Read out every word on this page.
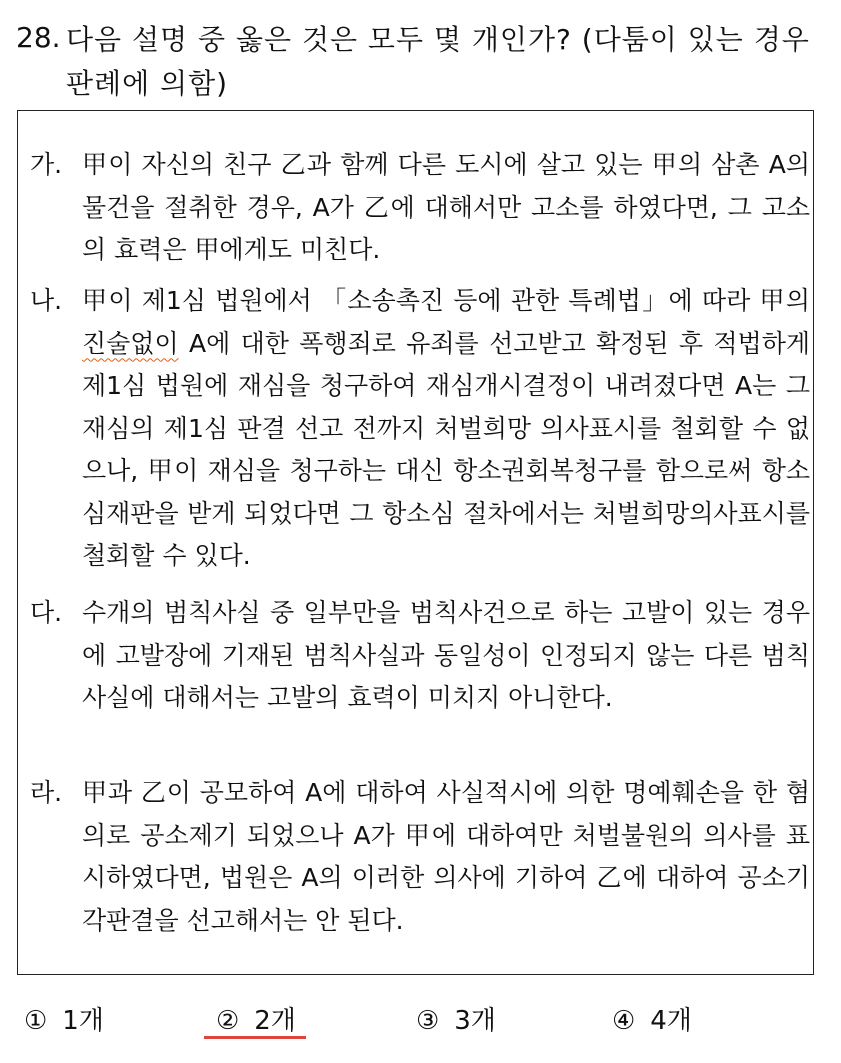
28. 다음 설명 중 옳은 것은 모두 몇 개인가? (다툼이 있는 경우 판례에 의함)
가. 甲이 자신의 친구 乙과 함께 다른 도시에 살고 있는 甲의 삼촌 A의 물건을 절취한 경우, A가 乙에 대해서만 고소를 하였다면, 그 고소의 효력은 甲에게도 미친다.
나. 甲이 제1심 법원에서 「소송촉진 등에 관한 특례법」에 따라 甲의 진술없이 A에 대한 폭행죄로 유죄를 선고받고 확정된 후 적법하게 제1심 법원에 재심을 청구하여 재심개시결정이 내려졌다면 A는 그 재심의 제1심 판결 선고 전까지 처벌희망 의사표시를 철회할 수 없으나, 甲이 재심을 청구하는 대신 항소권회복청구를 함으로써 항소심재판을 받게 되었다면 그 항소심 절차에서는 처벌희망의사표시를 철회할 수 있다.
다. 수개의 범칙사실 중 일부만을 범칙사건으로 하는 고발이 있는 경우에 고발장에 기재된 범칙사실과 동일성이 인정되지 않는 다른 범칙사실에 대해서는 고발의 효력이 미치지 아니한다.
라. 甲과 乙이 공모하여 A에 대하여 사실적시에 의한 명예훼손을 한 혐의로 공소제기 되었으나 A가 甲에 대하여만 처벌불원의 의사를 표시하였다면, 법원은 A의 이러한 의사에 기하여 乙에 대하여 공소기각판결을 선고해서는 안 된다.
① 1개	② 2개	③ 3개	④ 4개
